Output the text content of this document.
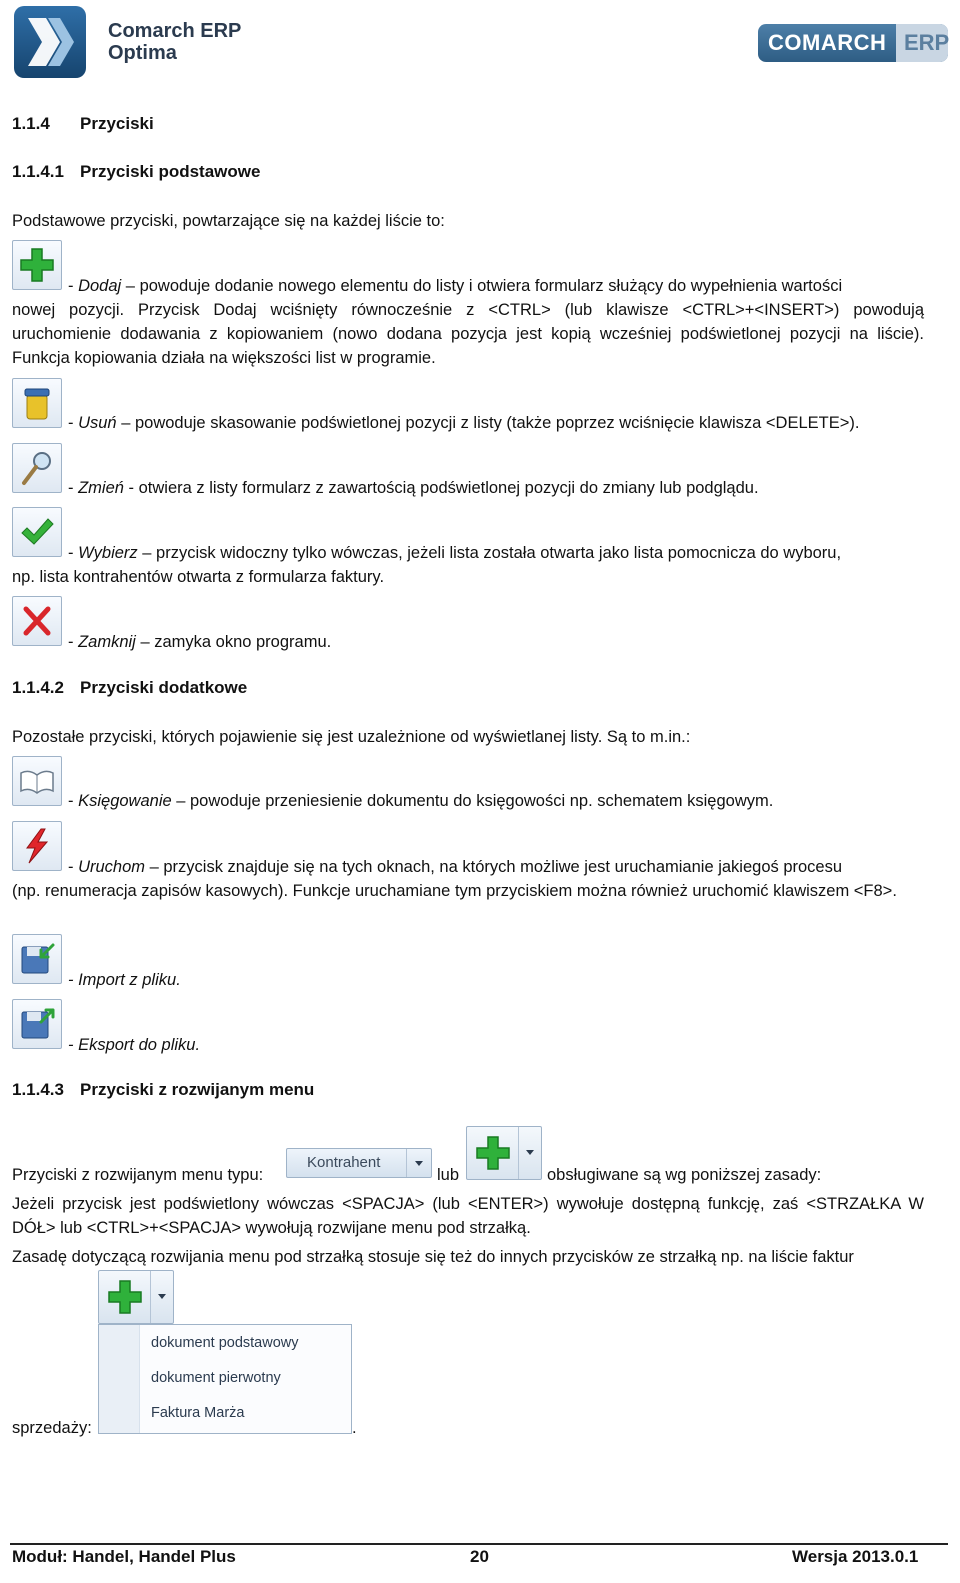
Comarch ERP
Optima	COMARCH ERP
1.1.4 Przyciski
1.1.4.1 Przyciski podstawowe
Podstawowe przyciski, powtarzające się na każdej liście to:
- Dodaj – powoduje dodanie nowego elementu do listy i otwiera formularz służący do wypełnienia wartości
nowej pozycji. Przycisk Dodaj wciśnięty równocześnie z <CTRL> (lub klawisze <CTRL>+<INSERT>) powodują uruchomienie dodawania z kopiowaniem (nowo dodana pozycja jest kopią wcześniej podświetlonej pozycji na liście). Funkcja kopiowania działa na większości list w programie.
- Usuń – powoduje skasowanie podświetlonej pozycji z listy (także poprzez wciśnięcie klawisza <DELETE>).
- Zmień - otwiera z listy formularz z zawartością podświetlonej pozycji do zmiany lub podglądu.
- Wybierz – przycisk widoczny tylko wówczas, jeżeli lista została otwarta jako lista pomocnicza do wyboru,
np. lista kontrahentów otwarta z formularza faktury.
- Zamknij – zamyka okno programu.
1.1.4.2 Przyciski dodatkowe
Pozostałe przyciski, których pojawienie się jest uzależnione od wyświetlanej listy. Są to m.in.:
- Księgowanie – powoduje przeniesienie dokumentu do księgowości np. schematem księgowym.
- Uruchom – przycisk znajduje się na tych oknach, na których możliwe jest uruchamianie jakiegoś procesu
(np. renumeracja zapisów kasowych). Funkcje uruchamiane tym przyciskiem można również uruchomić klawiszem <F8>.
- Import z pliku.
- Eksport do pliku.
1.1.4.3 Przyciski z rozwijanym menu
Przyciski z rozwijanym menu typu:
Kontrahent
lub	obsługiwane są wg poniższej zasady:
Jeżeli przycisk jest podświetlony wówczas <SPACJA> (lub <ENTER>) wywołuje dostępną funkcję, zaś <STRZAŁKA W DÓŁ> lub <CTRL>+<SPACJA> wywołują rozwijane menu pod strzałką.
Zasadę dotyczącą rozwijania menu pod strzałką stosuje się też do innych przycisków ze strzałką np. na liście faktur
dokument podstawowy
dokument pierwotny
Faktura Marża
sprzedaży:	.
Moduł: Handel, Handel Plus	20	Wersja 2013.0.1
